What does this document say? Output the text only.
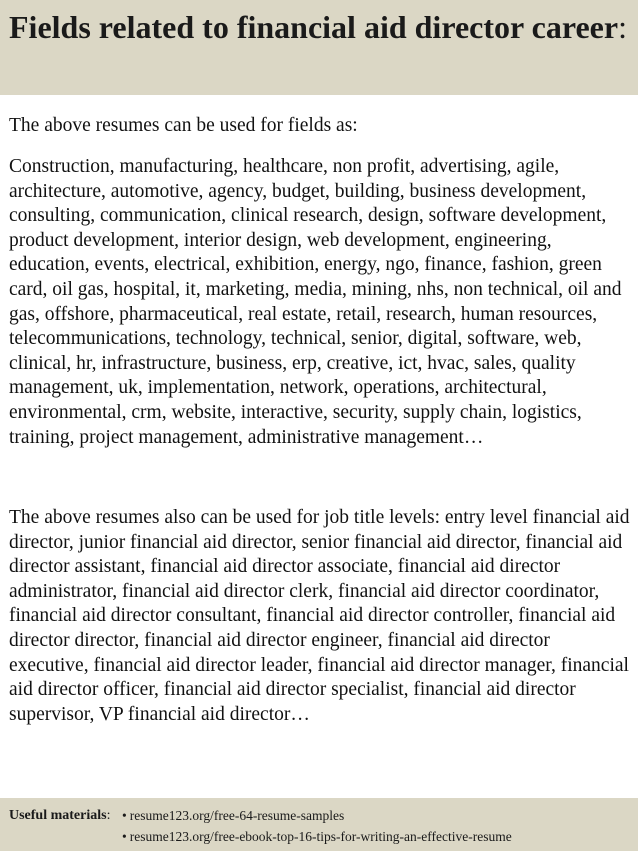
Fields related to financial aid director career:

The above resumes can be used for fields as:

Construction, manufacturing, healthcare, non profit, advertising, agile, architecture, automotive, agency, budget, building, business development, consulting, communication, clinical research, design, software development, product development, interior design, web development, engineering, education, events, electrical, exhibition, energy, ngo, finance, fashion, green card, oil gas, hospital, it, marketing, media, mining, nhs, non technical, oil and gas, offshore, pharmaceutical, real estate, retail, research, human resources, telecommunications, technology, technical, senior, digital, software, web, clinical, hr, infrastructure, business, erp, creative, ict, hvac, sales, quality management, uk, implementation, network, operations, architectural, environmental, crm, website, interactive, security, supply chain, logistics, training, project management, administrative management…

The above resumes also can be used for job title levels: entry level financial aid director, junior financial aid director, senior financial aid director, financial aid director assistant, financial aid director associate, financial aid director administrator, financial aid director clerk, financial aid director coordinator, financial aid director consultant, financial aid director controller, financial aid director director, financial aid director engineer, financial aid director executive, financial aid director leader, financial aid director manager, financial aid director officer, financial aid director specialist, financial aid director supervisor, VP financial aid director…

Useful materials: • resume123.org/free-64-resume-samples
• resume123.org/free-ebook-top-16-tips-for-writing-an-effective-resume
